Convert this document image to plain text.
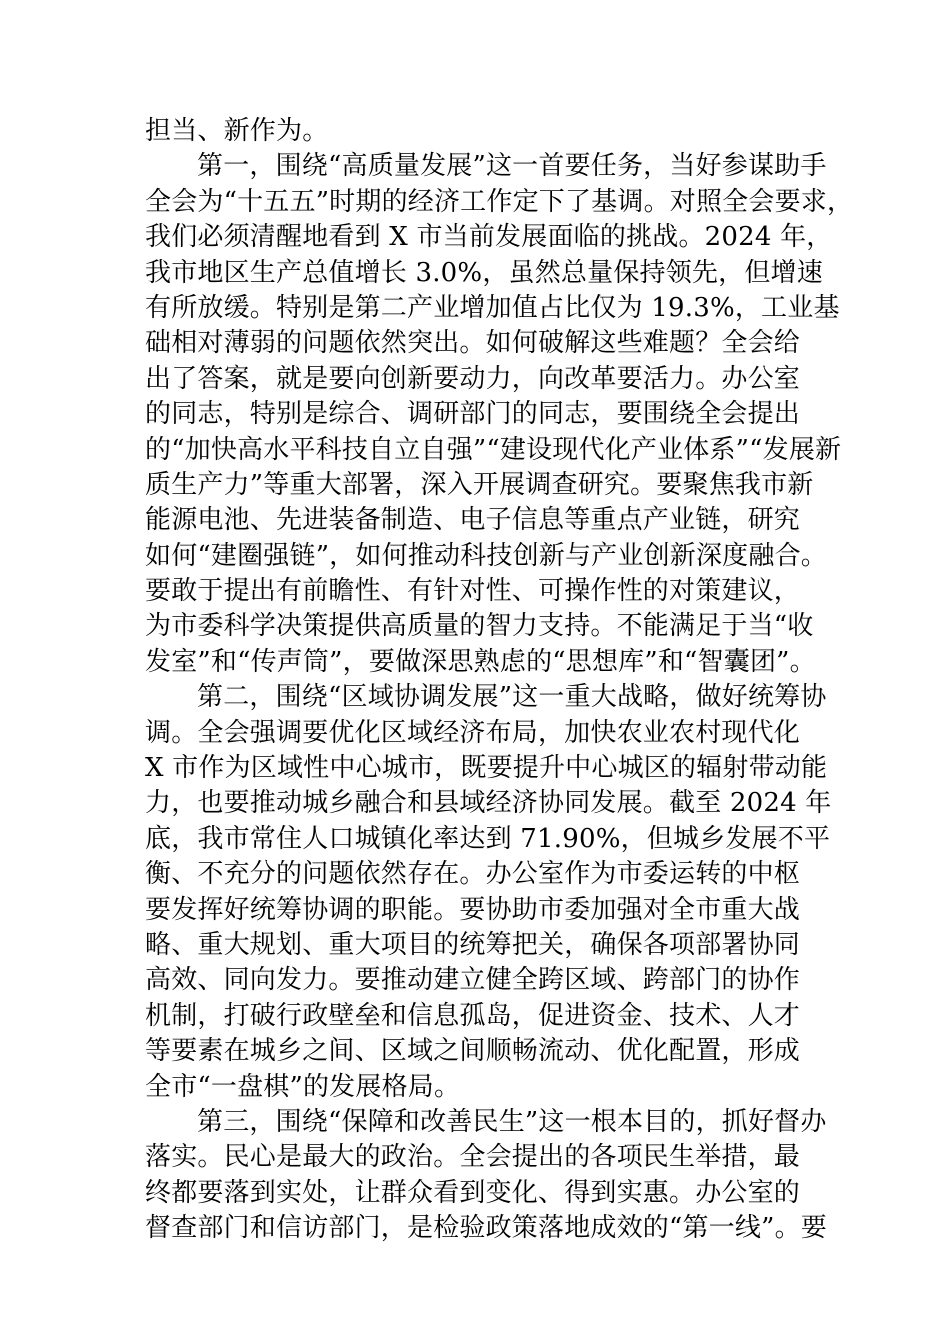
担当、新作为。
第一，围绕“高质量发展”这一首要任务，当好参谋助手
全会为“十五五”时期的经济工作定下了基调。对照全会要求，
我们必须清醒地看到 X 市当前发展面临的挑战。2024 年，
我市地区生产总值增长 3.0%，虽然总量保持领先，但增速
有所放缓。特别是第二产业增加值占比仅为 19.3%，工业基
础相对薄弱的问题依然突出。如何破解这些难题？全会给
出了答案，就是要向创新要动力，向改革要活力。办公室
的同志，特别是综合、调研部门的同志，要围绕全会提出
的“加快高水平科技自立自强”“建设现代化产业体系”“发展新
质生产力”等重大部署，深入开展调查研究。要聚焦我市新
能源电池、先进装备制造、电子信息等重点产业链，研究
如何“建圈强链”，如何推动科技创新与产业创新深度融合。
要敢于提出有前瞻性、有针对性、可操作性的对策建议，
为市委科学决策提供高质量的智力支持。不能满足于当“收
发室”和“传声筒”，要做深思熟虑的“思想库”和“智囊团”。
第二，围绕“区域协调发展”这一重大战略，做好统筹协
调。全会强调要优化区域经济布局，加快农业农村现代化
X 市作为区域性中心城市，既要提升中心城区的辐射带动能
力，也要推动城乡融合和县域经济协同发展。截至 2024 年
底，我市常住人口城镇化率达到 71.90%，但城乡发展不平
衡、不充分的问题依然存在。办公室作为市委运转的中枢
要发挥好统筹协调的职能。要协助市委加强对全市重大战
略、重大规划、重大项目的统筹把关，确保各项部署协同
高效、同向发力。要推动建立健全跨区域、跨部门的协作
机制，打破行政壁垒和信息孤岛，促进资金、技术、人才
等要素在城乡之间、区域之间顺畅流动、优化配置，形成
全市“一盘棋”的发展格局。
第三，围绕“保障和改善民生”这一根本目的，抓好督办
落实。民心是最大的政治。全会提出的各项民生举措，最
终都要落到实处，让群众看到变化、得到实惠。办公室的
督查部门和信访部门，是检验政策落地成效的“第一线”。要
